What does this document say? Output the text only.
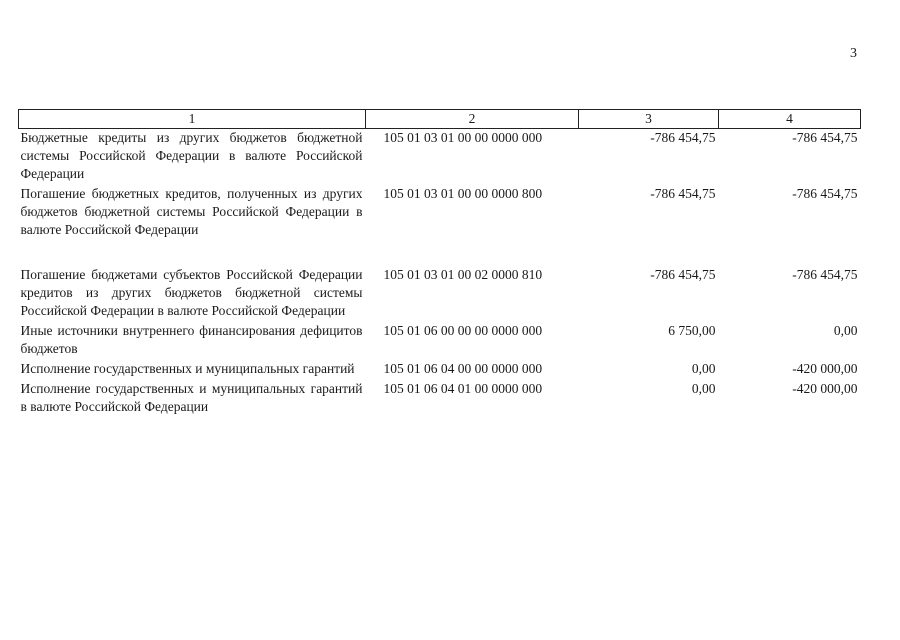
3
1	2	3	4
Бюджетные кредиты из других бюджетов бюджетной системы Российской Федерации в валюте Российской Федерации	105 01 03 01 00 00 0000 000	-786 454,75	-786 454,75
Погашение бюджетных кредитов, полученных из других бюджетов бюджетной системы Российской Федерации в валюте Российской Федерации	105 01 03 01 00 00 0000 800	-786 454,75	-786 454,75
Погашение бюджетами субъектов Российской Федерации кредитов из других бюджетов бюджетной системы Российской Федерации в валюте Российской Федерации	105 01 03 01 00 02 0000 810	-786 454,75	-786 454,75
Иные источники внутреннего финансирования дефицитов бюджетов	105 01 06 00 00 00 0000 000	6 750,00	0,00
Исполнение государственных и муниципальных гарантий	105 01 06 04 00 00 0000 000	0,00	-420 000,00
Исполнение государственных и муниципальных гарантий в валюте Российской Федерации	105 01 06 04 01 00 0000 000	0,00	-420 000,00
